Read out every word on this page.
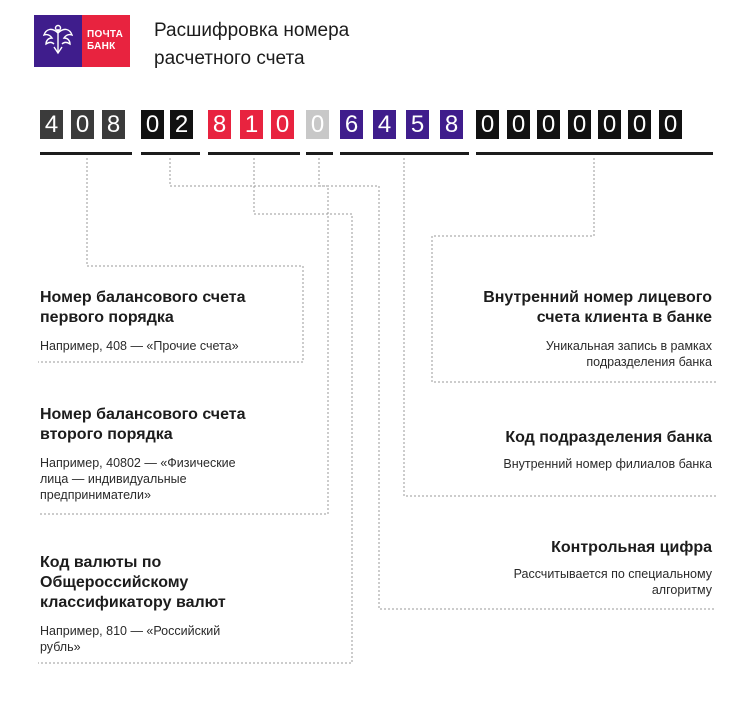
ПОЧТА
БАНК
Расшифровка номера
расчетного счета
4 0 8 0 2 8 1 0 0 6 4 5 8 0 0 0 0 0 0 0
Номер балансового счета
первого порядка
Например, 408 — «Прочие счета»
Номер балансового счета
второго порядка
Например, 40802 — «Физические
лица — индивидуальные
предприниматели»
Код валюты по
Общероссийскому
классификатору валют
Например, 810 — «Российский
рубль»
Внутренний номер лицевого
счета клиента в банке
Уникальная запись в рамках
подразделения банка
Код подразделения банка
Внутренний номер филиалов банка
Контрольная цифра
Рассчитывается по специальному
алгоритму
